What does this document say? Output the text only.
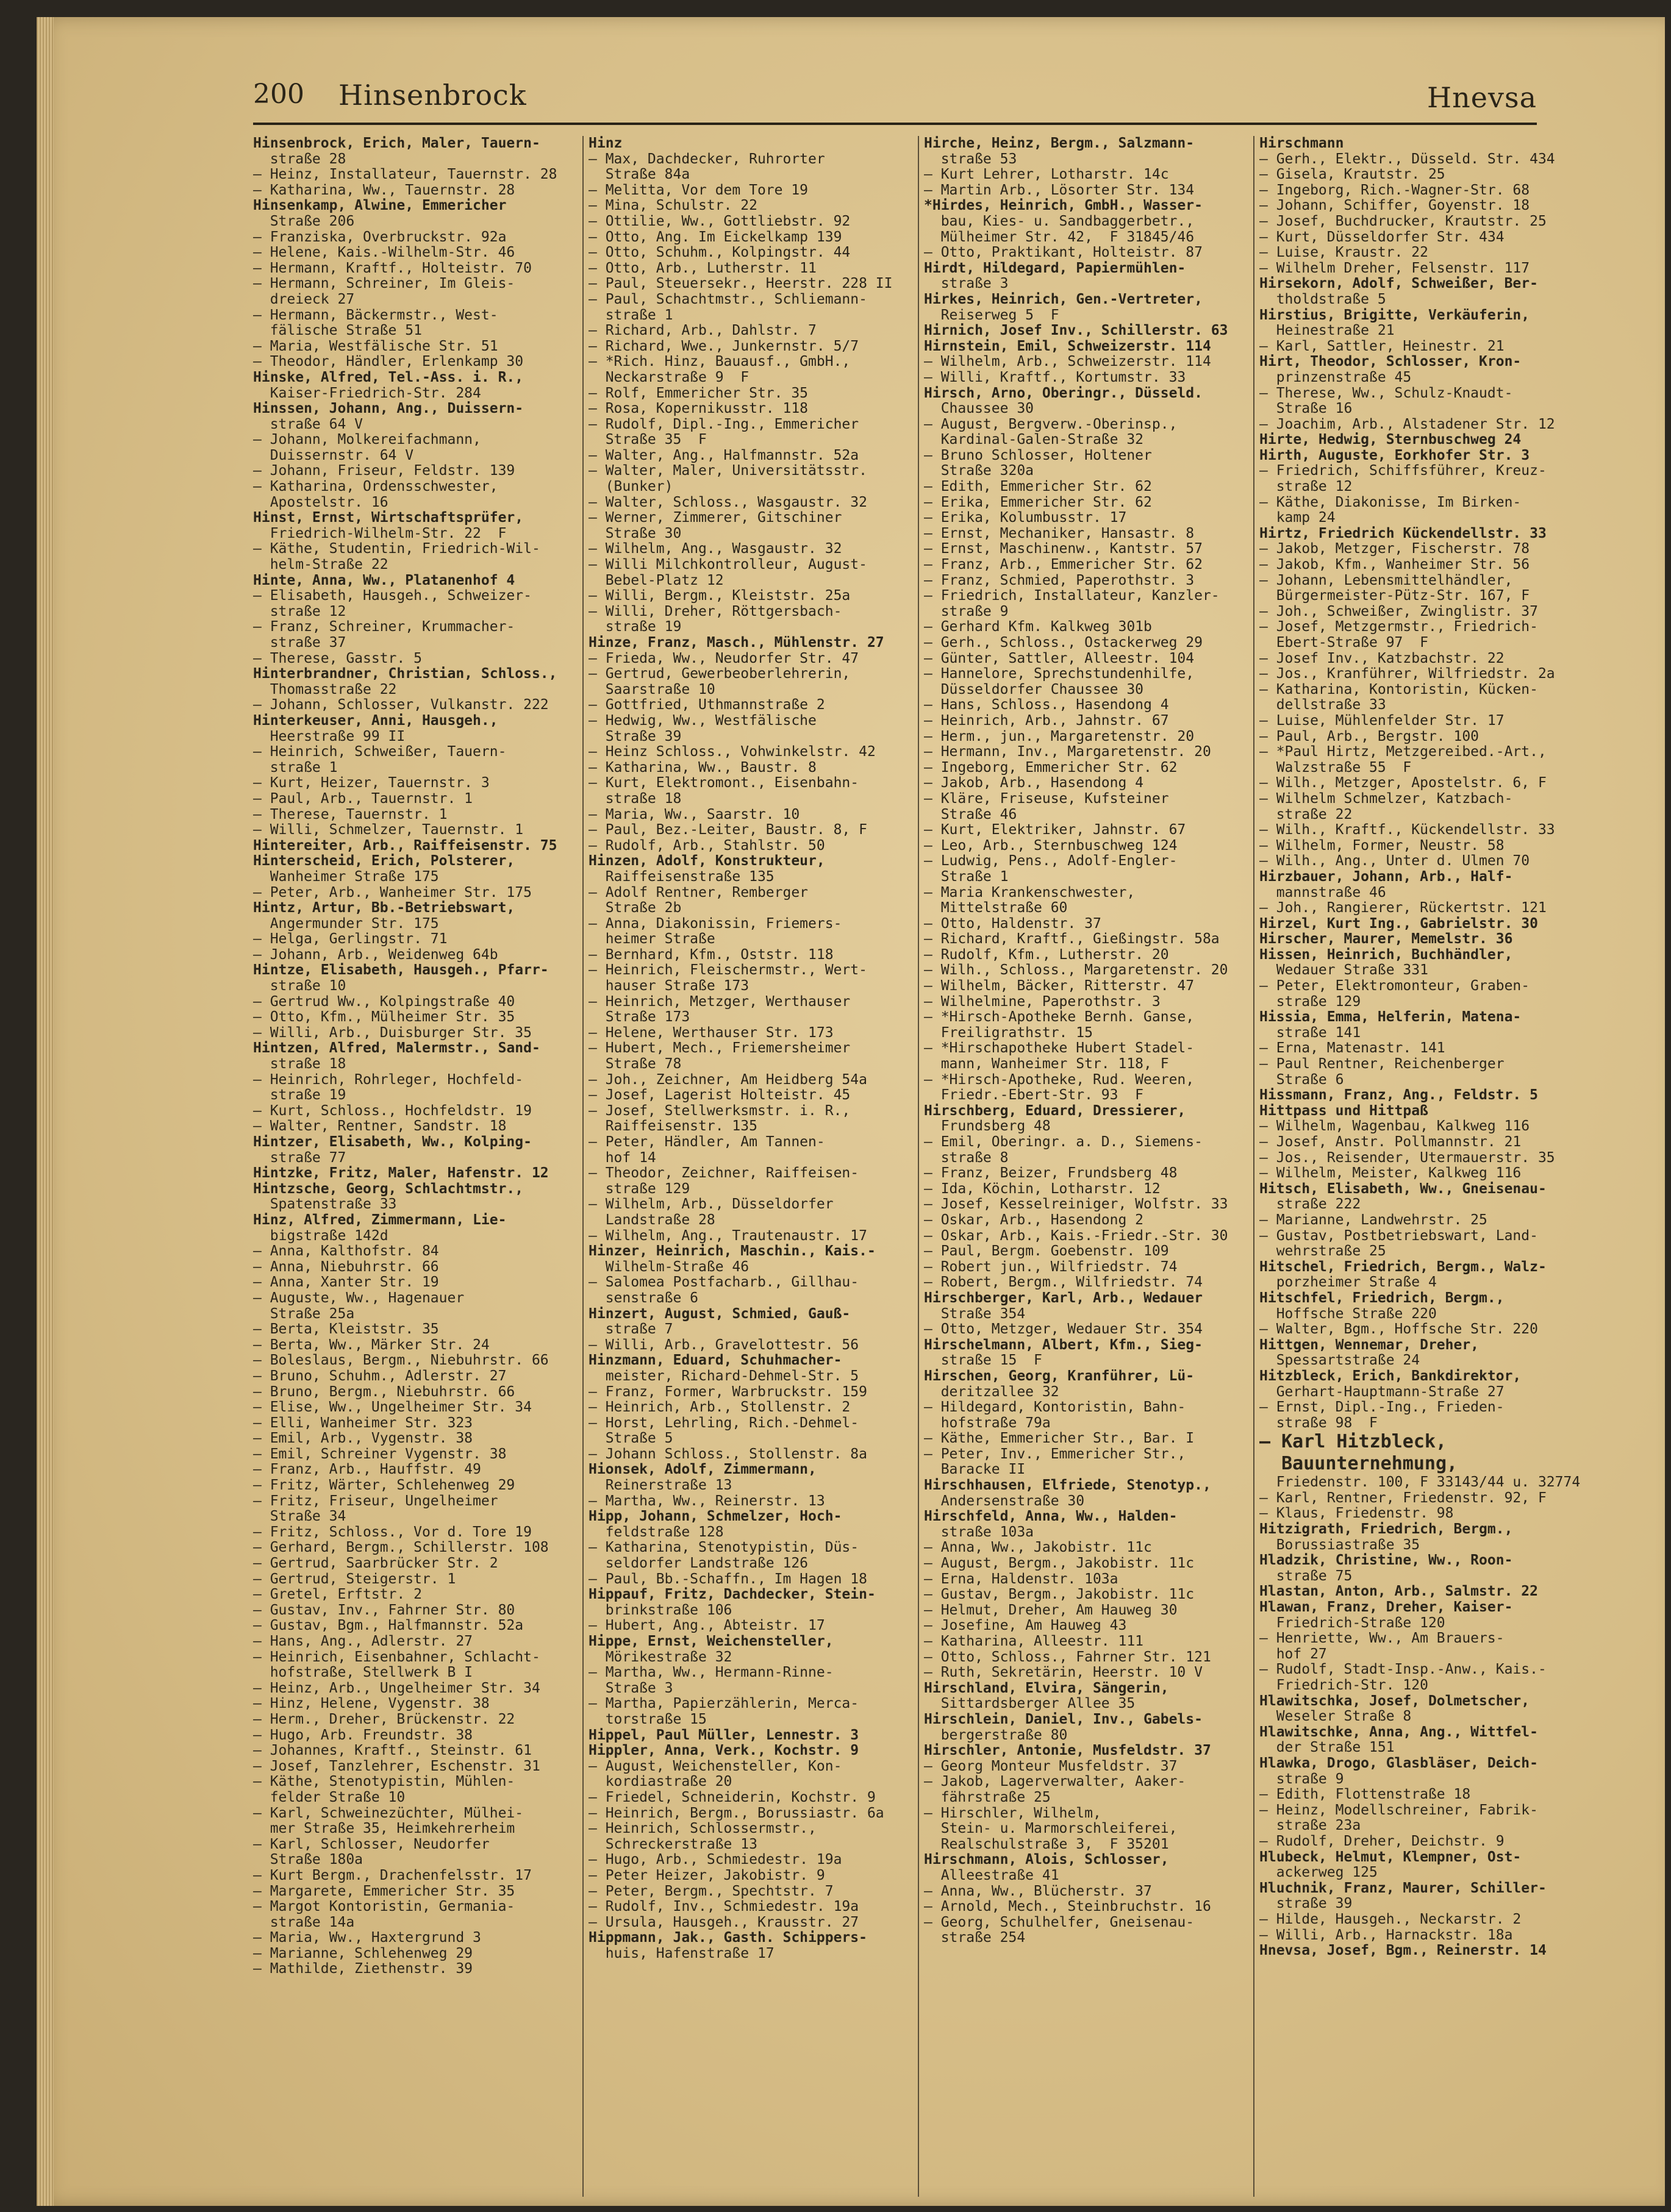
200 Hinsenbrock	Hnevsa
Hinsenbrock, Erich, Maler, Tauern-
straße 28
— Heinz, Installateur, Tauernstr. 28
— Katharina, Ww., Tauernstr. 28
Hinsenkamp, Alwine, Emmericher
Straße 206
— Franziska, Overbruckstr. 92a
— Helene, Kais.-Wilhelm-Str. 46
— Hermann, Kraftf., Holteistr. 70
— Hermann, Schreiner, Im Gleis-
dreieck 27
— Hermann, Bäckermstr., West-
fälische Straße 51
— Maria, Westfälische Str. 51
— Theodor, Händler, Erlenkamp 30
Hinske, Alfred, Tel.-Ass. i. R.,
Kaiser-Friedrich-Str. 284
Hinssen, Johann, Ang., Duissern-
straße 64 V
— Johann, Molkereifachmann,
Duissernstr. 64 V
— Johann, Friseur, Feldstr. 139
— Katharina, Ordensschwester,
Apostelstr. 16
Hinst, Ernst, Wirtschaftsprüfer,
Friedrich-Wilhelm-Str. 22  F
— Käthe, Studentin, Friedrich-Wil-
helm-Straße 22
Hinte, Anna, Ww., Platanenhof 4
— Elisabeth, Hausgeh., Schweizer-
straße 12
— Franz, Schreiner, Krummacher-
straße 37
— Therese, Gasstr. 5
Hinterbrandner, Christian, Schloss.,
Thomasstraße 22
— Johann, Schlosser, Vulkanstr. 222
Hinterkeuser, Anni, Hausgeh.,
Heerstraße 99 II
— Heinrich, Schweißer, Tauern-
straße 1
— Kurt, Heizer, Tauernstr. 3
— Paul, Arb., Tauernstr. 1
— Therese, Tauernstr. 1
— Willi, Schmelzer, Tauernstr. 1
Hintereiter, Arb., Raiffeisenstr. 75
Hinterscheid, Erich, Polsterer,
Wanheimer Straße 175
— Peter, Arb., Wanheimer Str. 175
Hintz, Artur, Bb.-Betriebswart,
Angermunder Str. 175
— Helga, Gerlingstr. 71
— Johann, Arb., Weidenweg 64b
Hintze, Elisabeth, Hausgeh., Pfarr-
straße 10
— Gertrud Ww., Kolpingstraße 40
— Otto, Kfm., Mülheimer Str. 35
— Willi, Arb., Duisburger Str. 35
Hintzen, Alfred, Malermstr., Sand-
straße 18
— Heinrich, Rohrleger, Hochfeld-
straße 19
— Kurt, Schloss., Hochfeldstr. 19
— Walter, Rentner, Sandstr. 18
Hintzer, Elisabeth, Ww., Kolping-
straße 77
Hintzke, Fritz, Maler, Hafenstr. 12
Hintzsche, Georg, Schlachtmstr.,
Spatenstraße 33
Hinz, Alfred, Zimmermann, Lie-
bigstraße 142d
— Anna, Kalthofstr. 84
— Anna, Niebuhrstr. 66
— Anna, Xanter Str. 19
— Auguste, Ww., Hagenauer
Straße 25a
— Berta, Kleiststr. 35
— Berta, Ww., Märker Str. 24
— Boleslaus, Bergm., Niebuhrstr. 66
— Bruno, Schuhm., Adlerstr. 27
— Bruno, Bergm., Niebuhrstr. 66
— Elise, Ww., Ungelheimer Str. 34
— Elli, Wanheimer Str. 323
— Emil, Arb., Vygenstr. 38
— Emil, Schreiner Vygenstr. 38
— Franz, Arb., Hauffstr. 49
— Fritz, Wärter, Schlehenweg 29
— Fritz, Friseur, Ungelheimer
Straße 34
— Fritz, Schloss., Vor d. Tore 19
— Gerhard, Bergm., Schillerstr. 108
— Gertrud, Saarbrücker Str. 2
— Gertrud, Steigerstr. 1
— Gretel, Erftstr. 2
— Gustav, Inv., Fahrner Str. 80
— Gustav, Bgm., Halfmannstr. 52a
— Hans, Ang., Adlerstr. 27
— Heinrich, Eisenbahner, Schlacht-
hofstraße, Stellwerk B I
— Heinz, Arb., Ungelheimer Str. 34
— Hinz, Helene, Vygenstr. 38
— Herm., Dreher, Brückenstr. 22
— Hugo, Arb. Freundstr. 38
— Johannes, Kraftf., Steinstr. 61
— Josef, Tanzlehrer, Eschenstr. 31
— Käthe, Stenotypistin, Mühlen-
felder Straße 10
— Karl, Schweinezüchter, Mülhei-
mer Straße 35, Heimkehrerheim
— Karl, Schlosser, Neudorfer
Straße 180a
— Kurt Bergm., Drachenfelsstr. 17
— Margarete, Emmericher Str. 35
— Margot Kontoristin, Germania-
straße 14a
— Maria, Ww., Haxtergrund 3
— Marianne, Schlehenweg 29
— Mathilde, Ziethenstr. 39
Hinz
— Max, Dachdecker, Ruhrorter
Straße 84a
— Melitta, Vor dem Tore 19
— Mina, Schulstr. 22
— Ottilie, Ww., Gottliebstr. 92
— Otto, Ang. Im Eickelkamp 139
— Otto, Schuhm., Kolpingstr. 44
— Otto, Arb., Lutherstr. 11
— Paul, Steuersekr., Heerstr. 228 II
— Paul, Schachtmstr., Schliemann-
straße 1
— Richard, Arb., Dahlstr. 7
— Richard, Wwe., Junkernstr. 5/7
— *Rich. Hinz, Bauausf., GmbH.,
Neckarstraße 9  F
— Rolf, Emmericher Str. 35
— Rosa, Kopernikusstr. 118
— Rudolf, Dipl.-Ing., Emmericher
Straße 35  F
— Walter, Ang., Halfmannstr. 52a
— Walter, Maler, Universitätsstr.
(Bunker)
— Walter, Schloss., Wasgaustr. 32
— Werner, Zimmerer, Gitschiner
Straße 30
— Wilhelm, Ang., Wasgaustr. 32
— Willi Milchkontrolleur, August-
Bebel-Platz 12
— Willi, Bergm., Kleiststr. 25a
— Willi, Dreher, Röttgersbach-
straße 19
Hinze, Franz, Masch., Mühlenstr. 27
— Frieda, Ww., Neudorfer Str. 47
— Gertrud, Gewerbeoberlehrerin,
Saarstraße 10
— Gottfried, Uthmannstraße 2
— Hedwig, Ww., Westfälische
Straße 39
— Heinz Schloss., Vohwinkelstr. 42
— Katharina, Ww., Baustr. 8
— Kurt, Elektromont., Eisenbahn-
straße 18
— Maria, Ww., Saarstr. 10
— Paul, Bez.-Leiter, Baustr. 8, F
— Rudolf, Arb., Stahlstr. 50
Hinzen, Adolf, Konstrukteur,
Raiffeisenstraße 135
— Adolf Rentner, Remberger
Straße 2b
— Anna, Diakonissin, Friemers-
heimer Straße
— Bernhard, Kfm., Oststr. 118
— Heinrich, Fleischermstr., Wert-
hauser Straße 173
— Heinrich, Metzger, Werthauser
Straße 173
— Helene, Werthauser Str. 173
— Hubert, Mech., Friemersheimer
Straße 78
— Joh., Zeichner, Am Heidberg 54a
— Josef, Lagerist Holteistr. 45
— Josef, Stellwerksmstr. i. R.,
Raiffeisenstr. 135
— Peter, Händler, Am Tannen-
hof 14
— Theodor, Zeichner, Raiffeisen-
straße 129
— Wilhelm, Arb., Düsseldorfer
Landstraße 28
— Wilhelm, Ang., Trautenaustr. 17
Hinzer, Heinrich, Maschin., Kais.-
Wilhelm-Straße 46
— Salomea Postfacharb., Gillhau-
senstraße 6
Hinzert, August, Schmied, Gauß-
straße 7
— Willi, Arb., Gravelottestr. 56
Hinzmann, Eduard, Schuhmacher-
meister, Richard-Dehmel-Str. 5
— Franz, Former, Warbruckstr. 159
— Heinrich, Arb., Stollenstr. 2
— Horst, Lehrling, Rich.-Dehmel-
Straße 5
— Johann Schloss., Stollenstr. 8a
Hionsek, Adolf, Zimmermann,
Reinerstraße 13
— Martha, Ww., Reinerstr. 13
Hipp, Johann, Schmelzer, Hoch-
feldstraße 128
— Katharina, Stenotypistin, Düs-
seldorfer Landstraße 126
— Paul, Bb.-Schaffn., Im Hagen 18
Hippauf, Fritz, Dachdecker, Stein-
brinkstraße 106
— Hubert, Ang., Abteistr. 17
Hippe, Ernst, Weichensteller,
Mörikestraße 32
— Martha, Ww., Hermann-Rinne-
Straße 3
— Martha, Papierzählerin, Merca-
torstraße 15
Hippel, Paul Müller, Lennestr. 3
Hippler, Anna, Verk., Kochstr. 9
— August, Weichensteller, Kon-
kordiastraße 20
— Friedel, Schneiderin, Kochstr. 9
— Heinrich, Bergm., Borussiastr. 6a
— Heinrich, Schlossermstr.,
Schreckerstraße 13
— Hugo, Arb., Schmiedestr. 19a
— Peter Heizer, Jakobistr. 9
— Peter, Bergm., Spechtstr. 7
— Rudolf, Inv., Schmiedestr. 19a
— Ursula, Hausgeh., Krausstr. 27
Hippmann, Jak., Gasth. Schippers-
huis, Hafenstraße 17
Hirche, Heinz, Bergm., Salzmann-
straße 53
— Kurt Lehrer, Lotharstr. 14c
— Martin Arb., Lösorter Str. 134
*Hirdes, Heinrich, GmbH., Wasser-
bau, Kies- u. Sandbaggerbetr.,
Mülheimer Str. 42,  F 31845/46
— Otto, Praktikant, Holteistr. 87
Hirdt, Hildegard, Papiermühlen-
straße 3
Hirkes, Heinrich, Gen.-Vertreter,
Reiserweg 5  F
Hirnich, Josef Inv., Schillerstr. 63
Hirnstein, Emil, Schweizerstr. 114
— Wilhelm, Arb., Schweizerstr. 114
— Willi, Kraftf., Kortumstr. 33
Hirsch, Arno, Oberingr., Düsseld.
Chaussee 30
— August, Bergverw.-Oberinsp.,
Kardinal-Galen-Straße 32
— Bruno Schlosser, Holtener
Straße 320a
— Edith, Emmericher Str. 62
— Erika, Emmericher Str. 62
— Erika, Kolumbusstr. 17
— Ernst, Mechaniker, Hansastr. 8
— Ernst, Maschinenw., Kantstr. 57
— Franz, Arb., Emmericher Str. 62
— Franz, Schmied, Paperothstr. 3
— Friedrich, Installateur, Kanzler-
straße 9
— Gerhard Kfm. Kalkweg 301b
— Gerh., Schloss., Ostackerweg 29
— Günter, Sattler, Alleestr. 104
— Hannelore, Sprechstundenhilfe,
Düsseldorfer Chaussee 30
— Hans, Schloss., Hasendong 4
— Heinrich, Arb., Jahnstr. 67
— Herm., jun., Margaretenstr. 20
— Hermann, Inv., Margaretenstr. 20
— Ingeborg, Emmericher Str. 62
— Jakob, Arb., Hasendong 4
— Kläre, Friseuse, Kufsteiner
Straße 46
— Kurt, Elektriker, Jahnstr. 67
— Leo, Arb., Sternbuschweg 124
— Ludwig, Pens., Adolf-Engler-
Straße 1
— Maria Krankenschwester,
Mittelstraße 60
— Otto, Haldenstr. 37
— Richard, Kraftf., Gießingstr. 58a
— Rudolf, Kfm., Lutherstr. 20
— Wilh., Schloss., Margaretenstr. 20
— Wilhelm, Bäcker, Ritterstr. 47
— Wilhelmine, Paperothstr. 3
— *Hirsch-Apotheke Bernh. Ganse,
Freiligrathstr. 15
— *Hirschapotheke Hubert Stadel-
mann, Wanheimer Str. 118, F
— *Hirsch-Apotheke, Rud. Weeren,
Friedr.-Ebert-Str. 93  F
Hirschberg, Eduard, Dressierer,
Frundsberg 48
— Emil, Oberingr. a. D., Siemens-
straße 8
— Franz, Beizer, Frundsberg 48
— Ida, Köchin, Lotharstr. 12
— Josef, Kesselreiniger, Wolfstr. 33
— Oskar, Arb., Hasendong 2
— Oskar, Arb., Kais.-Friedr.-Str. 30
— Paul, Bergm. Goebenstr. 109
— Robert jun., Wilfriedstr. 74
— Robert, Bergm., Wilfriedstr. 74
Hirschberger, Karl, Arb., Wedauer
Straße 354
— Otto, Metzger, Wedauer Str. 354
Hirschelmann, Albert, Kfm., Sieg-
straße 15  F
Hirschen, Georg, Kranführer, Lü-
deritzallee 32
— Hildegard, Kontoristin, Bahn-
hofstraße 79a
— Käthe, Emmericher Str., Bar. I
— Peter, Inv., Emmericher Str.,
Baracke II
Hirschhausen, Elfriede, Stenotyp.,
Andersenstraße 30
Hirschfeld, Anna, Ww., Halden-
straße 103a
— Anna, Ww., Jakobistr. 11c
— August, Bergm., Jakobistr. 11c
— Erna, Haldenstr. 103a
— Gustav, Bergm., Jakobistr. 11c
— Helmut, Dreher, Am Hauweg 30
— Josefine, Am Hauweg 43
— Katharina, Alleestr. 111
— Otto, Schloss., Fahrner Str. 121
— Ruth, Sekretärin, Heerstr. 10 V
Hirschland, Elvira, Sängerin,
Sittardsberger Allee 35
Hirschlein, Daniel, Inv., Gabels-
bergerstraße 80
Hirschler, Antonie, Musfeldstr. 37
— Georg Monteur Musfeldstr. 37
— Jakob, Lagerverwalter, Aaker-
fährstraße 25
— Hirschler, Wilhelm,
Stein- u. Marmorschleiferei,
Realschulstraße 3,  F 35201
Hirschmann, Alois, Schlosser,
Alleestraße 41
— Anna, Ww., Blücherstr. 37
— Arnold, Mech., Steinbruchstr. 16
— Georg, Schulhelfer, Gneisenau-
straße 254
Hirschmann
— Gerh., Elektr., Düsseld. Str. 434
— Gisela, Krautstr. 25
— Ingeborg, Rich.-Wagner-Str. 68
— Johann, Schiffer, Goyenstr. 18
— Josef, Buchdrucker, Krautstr. 25
— Kurt, Düsseldorfer Str. 434
— Luise, Kraustr. 22
— Wilhelm Dreher, Felsenstr. 117
Hirsekorn, Adolf, Schweißer, Ber-
tholdstraße 5
Hirstius, Brigitte, Verkäuferin,
Heinestraße 21
— Karl, Sattler, Heinestr. 21
Hirt, Theodor, Schlosser, Kron-
prinzenstraße 45
— Therese, Ww., Schulz-Knaudt-
Straße 16
— Joachim, Arb., Alstadener Str. 12
Hirte, Hedwig, Sternbuschweg 24
Hirth, Auguste, Eorkhofer Str. 3
— Friedrich, Schiffsführer, Kreuz-
straße 12
— Käthe, Diakonisse, Im Birken-
kamp 24
Hirtz, Friedrich Kückendellstr. 33
— Jakob, Metzger, Fischerstr. 78
— Jakob, Kfm., Wanheimer Str. 56
— Johann, Lebensmittelhändler,
Bürgermeister-Pütz-Str. 167, F
— Joh., Schweißer, Zwinglistr. 37
— Josef, Metzgermstr., Friedrich-
Ebert-Straße 97  F
— Josef Inv., Katzbachstr. 22
— Jos., Kranführer, Wilfriedstr. 2a
— Katharina, Kontoristin, Kücken-
dellstraße 33
— Luise, Mühlenfelder Str. 17
— Paul, Arb., Bergstr. 100
— *Paul Hirtz, Metzgereibed.-Art.,
Walzstraße 55  F
— Wilh., Metzger, Apostelstr. 6, F
— Wilhelm Schmelzer, Katzbach-
straße 22
— Wilh., Kraftf., Kückendellstr. 33
— Wilhelm, Former, Neustr. 58
— Wilh., Ang., Unter d. Ulmen 70
Hirzbauer, Johann, Arb., Half-
mannstraße 46
— Joh., Rangierer, Rückertstr. 121
Hirzel, Kurt Ing., Gabrielstr. 30
Hirscher, Maurer, Memelstr. 36
Hissen, Heinrich, Buchhändler,
Wedauer Straße 331
— Peter, Elektromonteur, Graben-
straße 129
Hissia, Emma, Helferin, Matena-
straße 141
— Erna, Matenastr. 141
— Paul Rentner, Reichenberger
Straße 6
Hissmann, Franz, Ang., Feldstr. 5
Hittpass und Hittpaß
— Wilhelm, Wagenbau, Kalkweg 116
— Josef, Anstr. Pollmannstr. 21
— Jos., Reisender, Utermauerstr. 35
— Wilhelm, Meister, Kalkweg 116
Hitsch, Elisabeth, Ww., Gneisenau-
straße 222
— Marianne, Landwehrstr. 25
— Gustav, Postbetriebswart, Land-
wehrstraße 25
Hitschel, Friedrich, Bergm., Walz-
porzheimer Straße 4
Hitschfel, Friedrich, Bergm.,
Hoffsche Straße 220
— Walter, Bgm., Hoffsche Str. 220
Hittgen, Wennemar, Dreher,
Spessartstraße 24
Hitzbleck, Erich, Bankdirektor,
Gerhart-Hauptmann-Straße 27
— Ernst, Dipl.-Ing., Frieden-
straße 98  F
— Karl Hitzbleck,
Bauunternehmung,
Friedenstr. 100, F 33143/44 u. 32774
— Karl, Rentner, Friedenstr. 92, F
— Klaus, Friedenstr. 98
Hitzigrath, Friedrich, Bergm.,
Borussiastraße 35
Hladzik, Christine, Ww., Roon-
straße 75
Hlastan, Anton, Arb., Salmstr. 22
Hlawan, Franz, Dreher, Kaiser-
Friedrich-Straße 120
— Henriette, Ww., Am Brauers-
hof 27
— Rudolf, Stadt-Insp.-Anw., Kais.-
Friedrich-Str. 120
Hlawitschka, Josef, Dolmetscher,
Weseler Straße 8
Hlawitschke, Anna, Ang., Wittfel-
der Straße 151
Hlawka, Drogo, Glasbläser, Deich-
straße 9
— Edith, Flottenstraße 18
— Heinz, Modellschreiner, Fabrik-
straße 23a
— Rudolf, Dreher, Deichstr. 9
Hlubeck, Helmut, Klempner, Ost-
ackerweg 125
Hluchnik, Franz, Maurer, Schiller-
straße 39
— Hilde, Hausgeh., Neckarstr. 2
— Willi, Arb., Harnackstr. 18a
Hnevsa, Josef, Bgm., Reinerstr. 14
